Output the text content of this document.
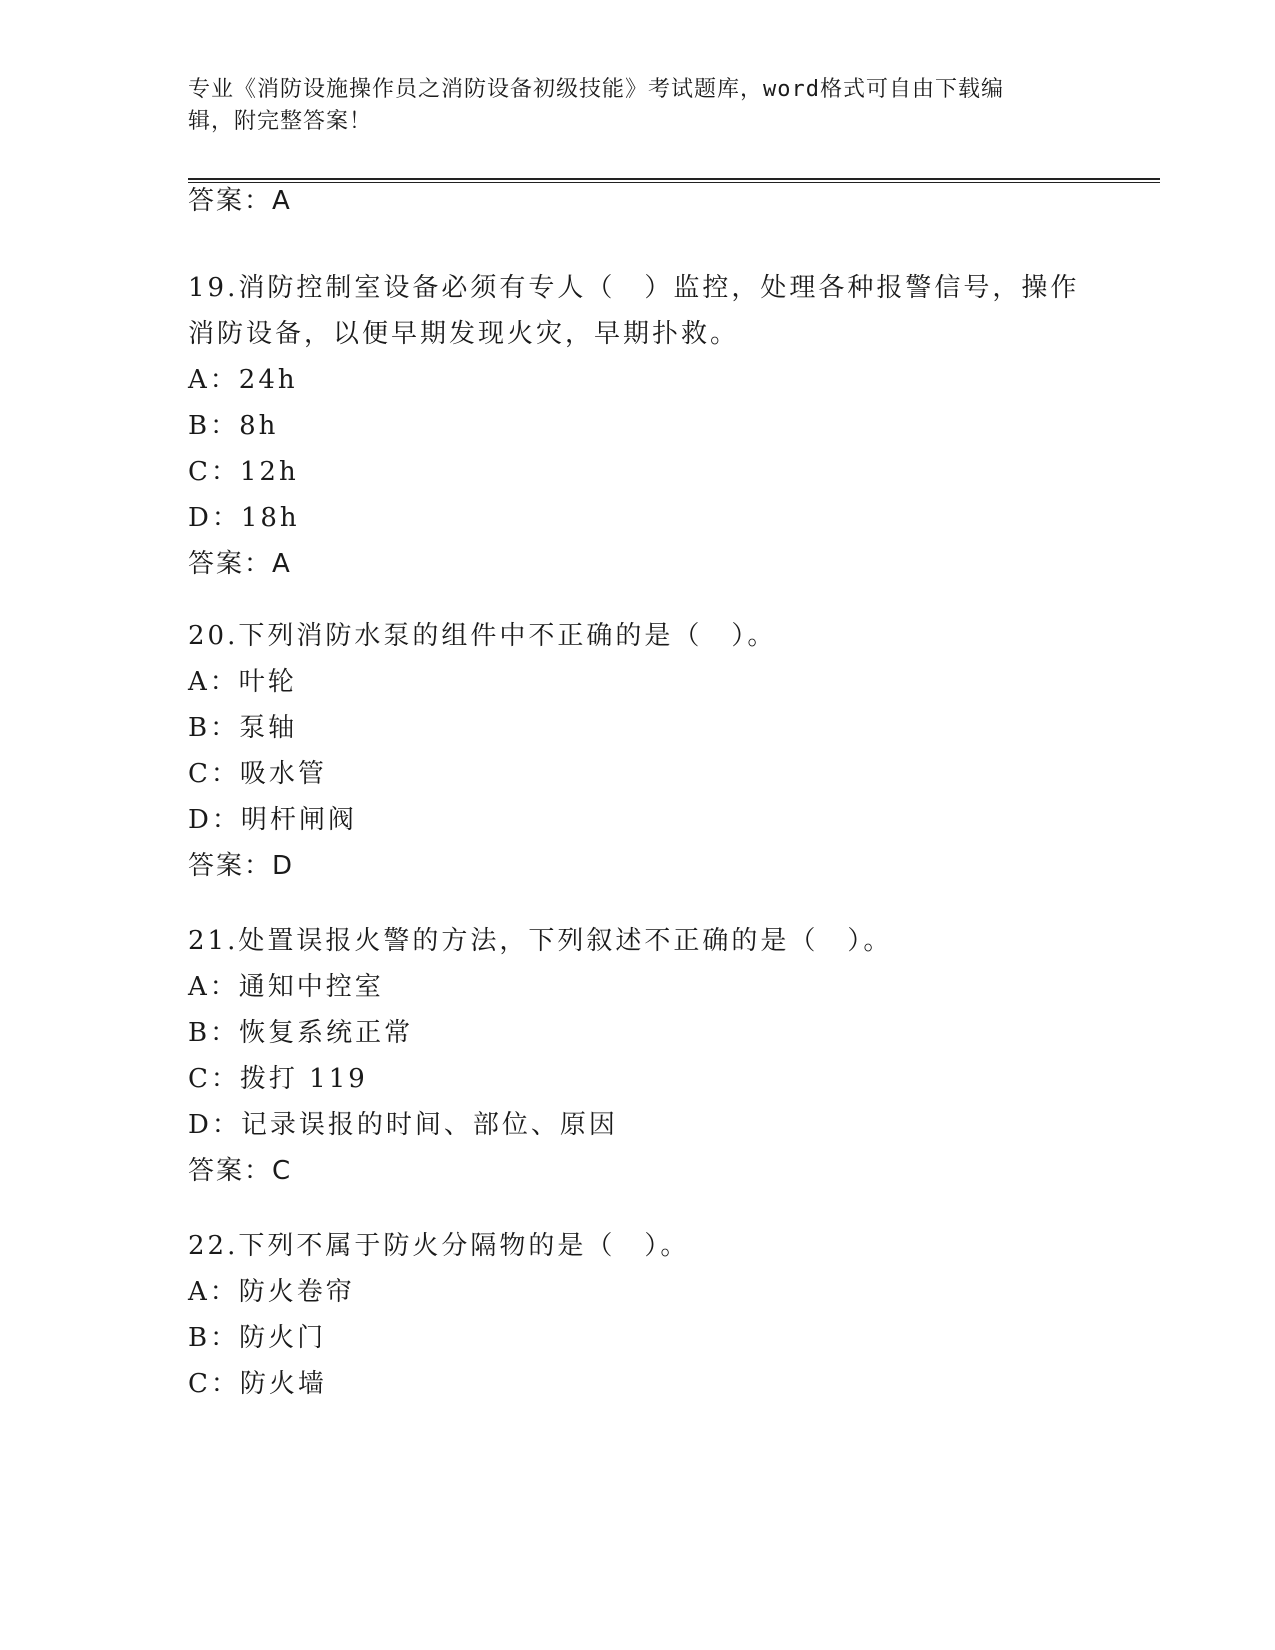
专业《消防设施操作员之消防设备初级技能》考试题库，word格式可自由下载编
辑，附完整答案！
答案：A
19.消防控制室设备必须有专人（　）监控，处理各种报警信号，操作
消防设备，以便早期发现火灾，早期扑救。
A：24h
B：8h
C：12h
D：18h
答案：A
20.下列消防水泵的组件中不正确的是（　）。
A：叶轮
B：泵轴
C：吸水管
D：明杆闸阀
答案：D
21.处置误报火警的方法，下列叙述不正确的是（　）。
A：通知中控室
B：恢复系统正常
C：拨打 119
D：记录误报的时间、部位、原因
答案：C
22.下列不属于防火分隔物的是（　）。
A：防火卷帘
B：防火门
C：防火墙
